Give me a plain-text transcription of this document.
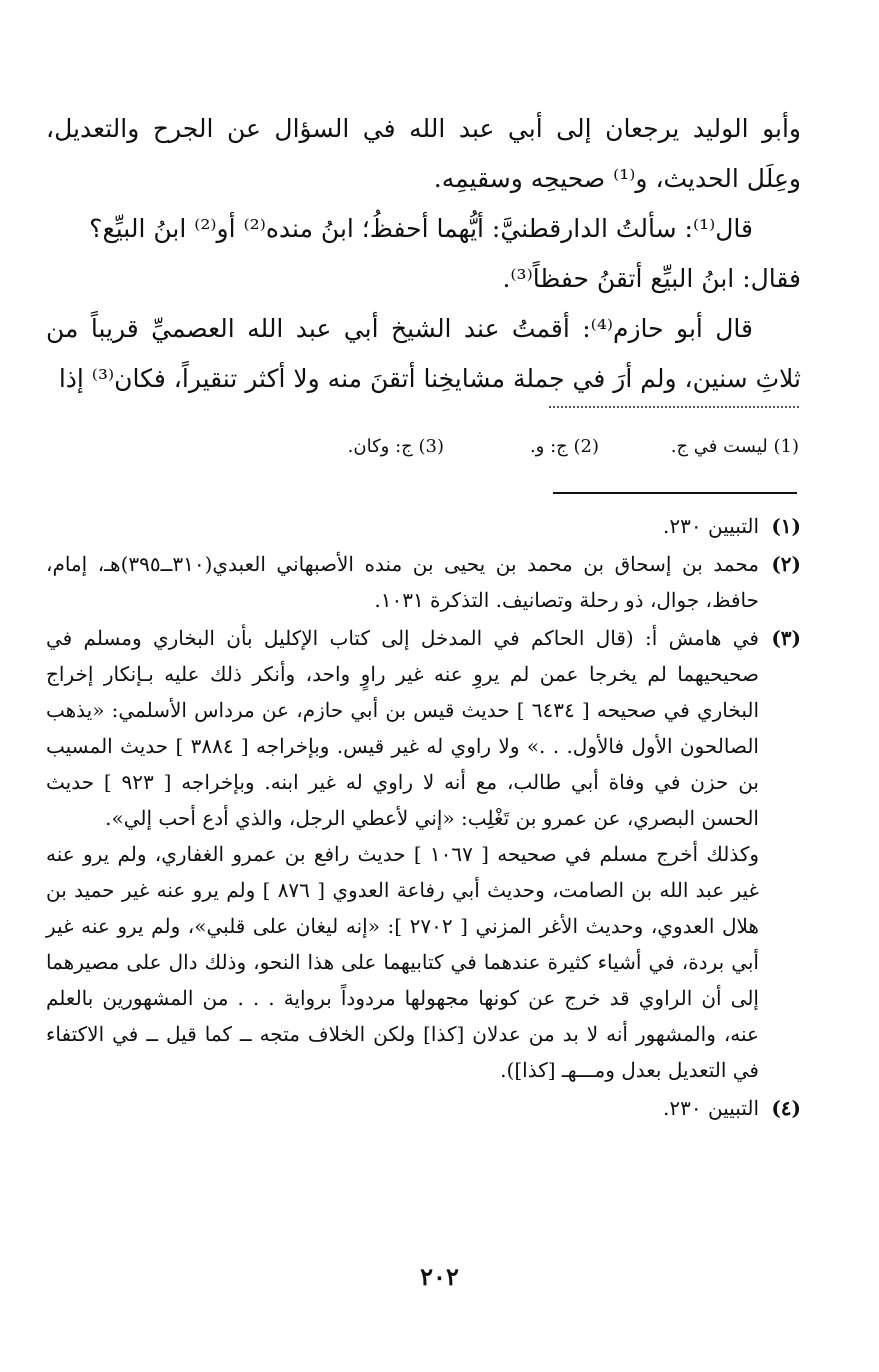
وأبو الوليد يرجعان إلى أبي عبد الله في السؤال عن الجرح والتعديل، وعِلَل الحديث، و⁽¹⁾ صحيحِه وسقيمِه.

قال⁽¹⁾: سألتُ الدارقطنيَّ: أيُّهما أحفظُ؛ ابنُ منده⁽²⁾ أو⁽²⁾ ابنُ البيِّع؟

فقال: ابنُ البيِّع أتقنُ حفظاً⁽³⁾.

قال أبو حازم⁽⁴⁾: أقمتُ عند الشيخ أبي عبد الله العصميِّ قريباً من ثلاثِ سنين، ولم أرَ في جملة مشايخِنا أتقنَ منه ولا أكثر تنقيراً، فكان⁽³⁾ إذا

(1) ليست في ج.
(2) ج: و.
(3) ج: وكان.
(١)

التبيين ٢٣٠.

(٢)

محمد بن إسحاق بن محمد بن يحيى بن منده الأصبهاني العبدي(٣١٠ــ٣٩٥)هـ، إمام، حافظ، جوال، ذو رحلة وتصانيف. التذكرة ١٠٣١.

(٣)

في هامش أ: (قال الحاكم في المدخل إلى كتاب الإكليل بأن البخاري ومسلم في صحيحيهما لم يخرجا عمن لم يروِ عنه غير راوٍ واحد، وأنكر ذلك عليه بـإنكار إخراج البخاري في صحيحه [ ٦٤٣٤ ] حديث قيس بن أبي حازم، عن مرداس الأسلمي: «يذهب الصالحون الأول فالأول. . .» ولا راوي له غير قيس. وبإخراجه [ ٣٨٨٤ ] حديث المسيب بن حزن في وفاة أبي طالب، مع أنه لا راوي له غير ابنه. وبإخراجه [ ٩٢٣ ] حديث الحسن البصري، عن عمرو بن تَغْلِب: «إني لأعطي الرجل، والذي أدع أحب إلي».

وكذلك أخرج مسلم في صحيحه [ ١٠٦٧ ] حديث رافع بن عمرو الغفاري، ولم يرو عنه غير عبد الله بن الصامت، وحديث أبي رفاعة العدوي [ ٨٧٦ ] ولم يرو عنه غير حميد بن هلال العدوي، وحديث الأغر المزني [ ٢٧٠٢ ]: «إنه ليغان على قلبي»، ولم يرو عنه غير أبي بردة، في أشياء كثيرة عندهما في كتابيهما على هذا النحو، وذلك دال على مصيرهما إلى أن الراوي قد خرج عن كونها مجهولها مردوداً برواية . . . من المشهورين بالعلم عنه، والمشهور أنه لا بد من عدلان [كذا] ولكن الخلاف متجه ــ كما قيل ــ في الاكتفاء في التعديل بعدل ومـــهـ [كذا]).

(٤)

التبيين ٢٣٠.

٢٠٢
